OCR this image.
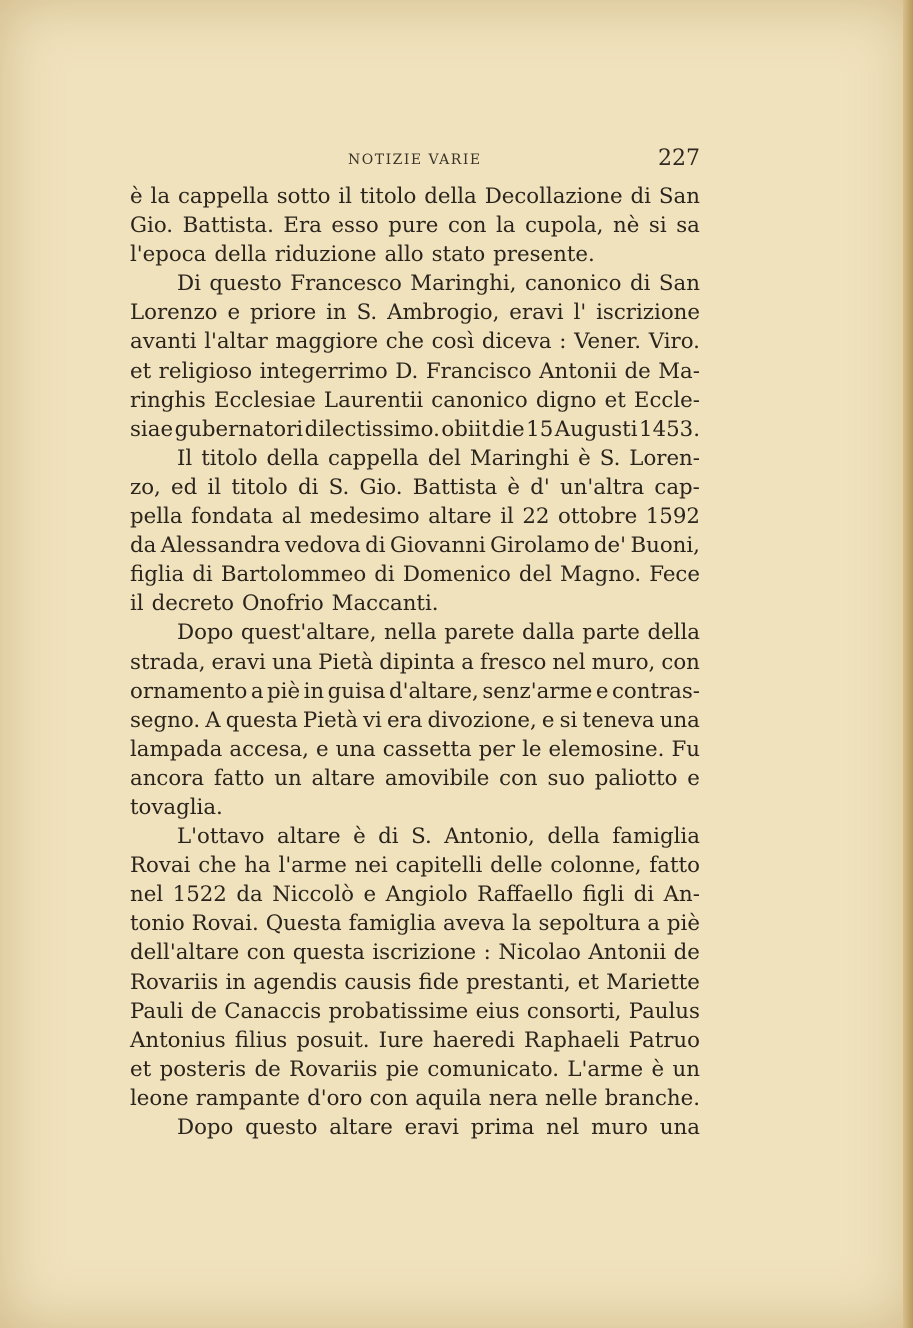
NOTIZIE VARIE	227
è la cappella sotto il titolo della Decollazione di San
Gio. Battista. Era esso pure con la cupola, nè si sa
l'epoca della riduzione allo stato presente.
Di questo Francesco Maringhi, canonico di San
Lorenzo e priore in S. Ambrogio, eravi l' iscrizione
avanti l'altar maggiore che così diceva : Vener. Viro.
et religioso integerrimo D. Francisco Antonii de Ma-
ringhis Ecclesiae Laurentii canonico digno et Eccle-
siae gubernatori dilectissimo. obiit die 15 Augusti 1453.
Il titolo della cappella del Maringhi è S. Loren-
zo, ed il titolo di S. Gio. Battista è d' un'altra cap-
pella fondata al medesimo altare il 22 ottobre 1592
da Alessandra vedova di Giovanni Girolamo de' Buoni,
figlia di Bartolommeo di Domenico del Magno. Fece
il decreto Onofrio Maccanti.
Dopo quest'altare, nella parete dalla parte della
strada, eravi una Pietà dipinta a fresco nel muro, con
ornamento a piè in guisa d'altare, senz'arme e contras-
segno. A questa Pietà vi era divozione, e si teneva una
lampada accesa, e una cassetta per le elemosine. Fu
ancora fatto un altare amovibile con suo paliotto e
tovaglia.
L'ottavo altare è di S. Antonio, della famiglia
Rovai che ha l'arme nei capitelli delle colonne, fatto
nel 1522 da Niccolò e Angiolo Raffaello figli di An-
tonio Rovai. Questa famiglia aveva la sepoltura a piè
dell'altare con questa iscrizione : Nicolao Antonii de
Rovariis in agendis causis fide prestanti, et Mariette
Pauli de Canaccis probatissime eius consorti, Paulus
Antonius filius posuit. Iure haeredi Raphaeli Patruo
et posteris de Rovariis pie comunicato. L'arme è un
leone rampante d'oro con aquila nera nelle branche.
Dopo questo altare eravi prima nel muro una
